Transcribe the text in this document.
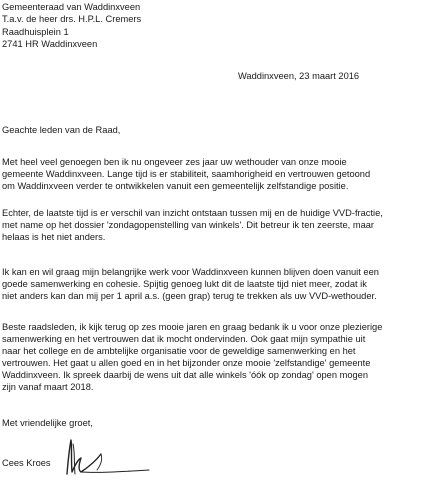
Gemeenteraad van Waddinxveen
T.a.v. de heer drs. H.P.L. Cremers
Raadhuisplein 1
2741 HR Waddinxveen
Waddinxveen, 23 maart 2016
Geachte leden van de Raad,
Met heel veel genoegen ben ik nu ongeveer zes jaar uw wethouder van onze mooie
gemeente Waddinxveen. Lange tijd is er stabiliteit, saamhorigheid en vertrouwen getoond
om Waddinxveen verder te ontwikkelen vanuit een gemeentelijk zelfstandige positie.
Echter, de laatste tijd is er verschil van inzicht ontstaan tussen mij en de huidige VVD-fractie,
met name op het dossier 'zondagopenstelling van winkels'. Dit betreur ik ten zeerste, maar
helaas is het niet anders.
Ik kan en wil graag mijn belangrijke werk voor Waddinxveen kunnen blijven doen vanuit een
goede samenwerking en cohesie. Spijtig genoeg lukt dit de laatste tijd niet meer, zodat ik
niet anders kan dan mij per 1 april a.s. (geen grap) terug te trekken als uw VVD-wethouder.
Beste raadsleden, ik kijk terug op zes mooie jaren en graag bedank ik u voor onze plezierige
samenwerking en het vertrouwen dat ik mocht ondervinden. Ook gaat mijn sympathie uit
naar het college en de ambtelijke organisatie voor de geweldige samenwerking en het
vertrouwen. Het gaat u allen goed en in het bijzonder onze mooie 'zelfstandige' gemeente
Waddinxveen. Ik spreek daarbij de wens uit dat alle winkels 'óók op zondag' open mogen
zijn vanaf maart 2018.
Met vriendelijke groet,
Cees Kroes
